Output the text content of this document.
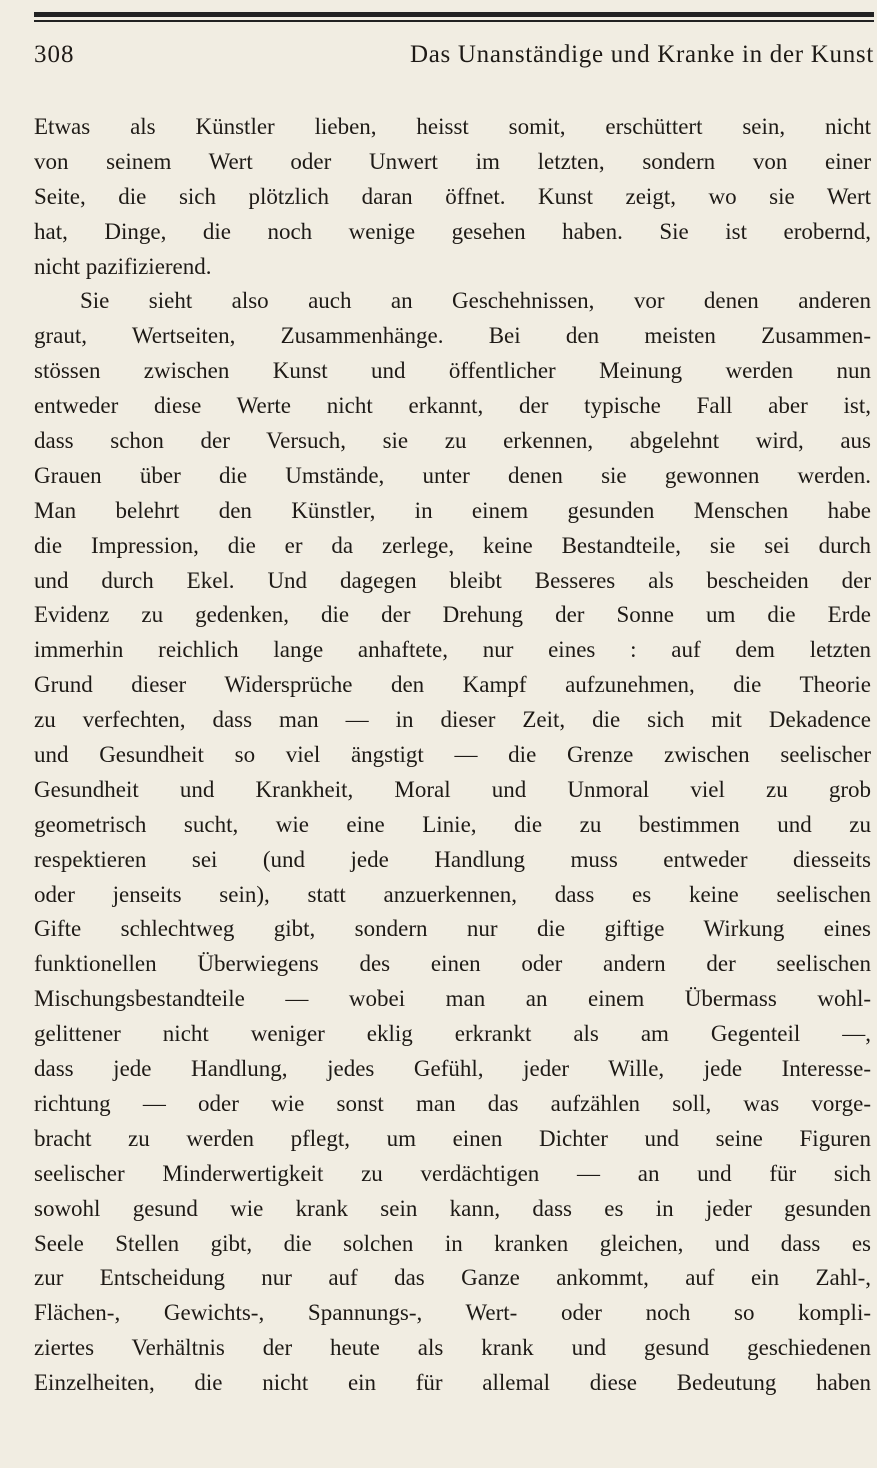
308	Das Unanständige und Kranke in der Kunst
Etwas als Künstler lieben, heisst somit, erschüttert sein, nicht
von seinem Wert oder Unwert im letzten, sondern von einer
Seite, die sich plötzlich daran öffnet. Kunst zeigt, wo sie Wert
hat, Dinge, die noch wenige gesehen haben. Sie ist erobernd,
nicht pazifizierend.
Sie sieht also auch an Geschehnissen, vor denen anderen
graut, Wertseiten, Zusammenhänge. Bei den meisten Zusammen-
stössen zwischen Kunst und öffentlicher Meinung werden nun
entweder diese Werte nicht erkannt, der typische Fall aber ist,
dass schon der Versuch, sie zu erkennen, abgelehnt wird, aus
Grauen über die Umstände, unter denen sie gewonnen werden.
Man belehrt den Künstler, in einem gesunden Menschen habe
die Impression, die er da zerlege, keine Bestandteile, sie sei durch
und durch Ekel. Und dagegen bleibt Besseres als bescheiden der
Evidenz zu gedenken, die der Drehung der Sonne um die Erde
immerhin reichlich lange anhaftete, nur eines : auf dem letzten
Grund dieser Widersprüche den Kampf aufzunehmen, die Theorie
zu verfechten, dass man — in dieser Zeit, die sich mit Dekadence
und Gesundheit so viel ängstigt — die Grenze zwischen seelischer
Gesundheit und Krankheit, Moral und Unmoral viel zu grob
geometrisch sucht, wie eine Linie, die zu bestimmen und zu
respektieren sei (und jede Handlung muss entweder diesseits
oder jenseits sein), statt anzuerkennen, dass es keine seelischen
Gifte schlechtweg gibt, sondern nur die giftige Wirkung eines
funktionellen Überwiegens des einen oder andern der seelischen
Mischungsbestandteile — wobei man an einem Übermass wohl-
gelittener nicht weniger eklig erkrankt als am Gegenteil —,
dass jede Handlung, jedes Gefühl, jeder Wille, jede Interesse-
richtung — oder wie sonst man das aufzählen soll, was vorge-
bracht zu werden pflegt, um einen Dichter und seine Figuren
seelischer Minderwertigkeit zu verdächtigen — an und für sich
sowohl gesund wie krank sein kann, dass es in jeder gesunden
Seele Stellen gibt, die solchen in kranken gleichen, und dass es
zur Entscheidung nur auf das Ganze ankommt, auf ein Zahl-,
Flächen-, Gewichts-, Spannungs-, Wert- oder noch so kompli-
ziertes Verhältnis der heute als krank und gesund geschiedenen
Einzelheiten, die nicht ein für allemal diese Bedeutung haben
